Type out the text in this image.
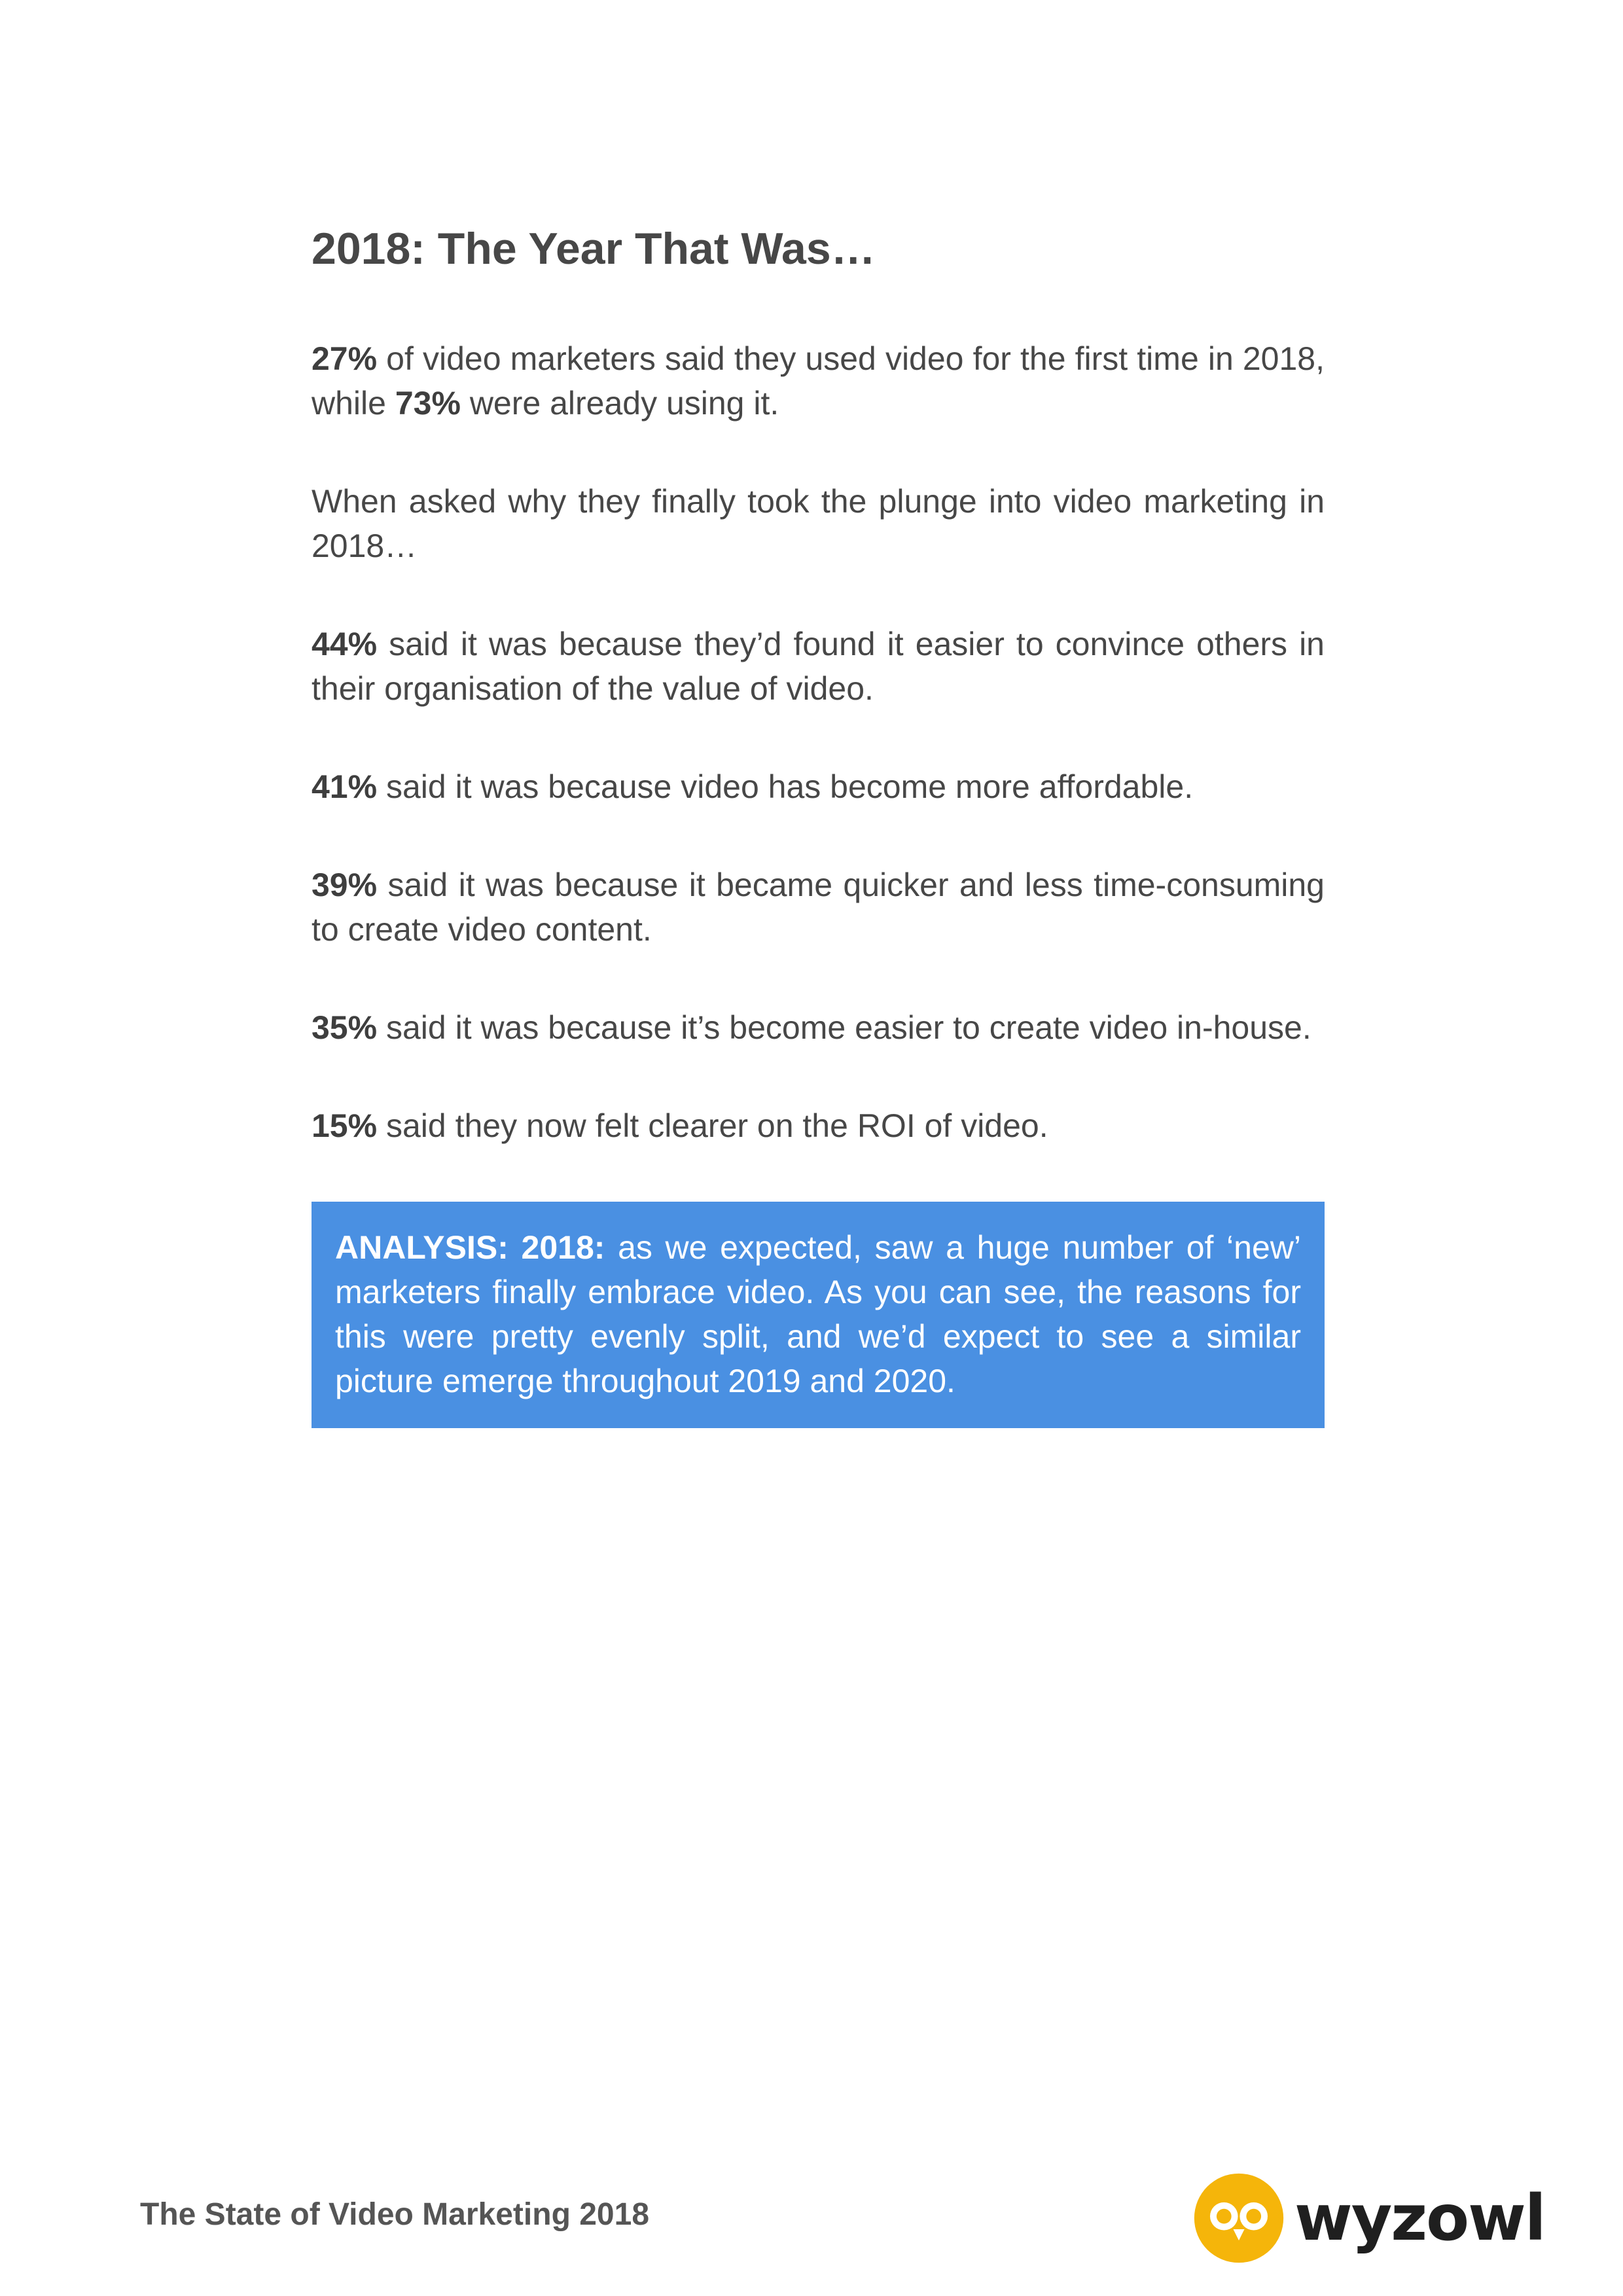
2018: The Year That Was…

27% of video marketers said they used video for the first time in 2018, while 73% were already using it.

When asked why they finally took the plunge into video marketing in 2018…

44% said it was because they’d found it easier to convince others in their organisation of the value of video.

41% said it was because video has become more affordable.

39% said it was because it became quicker and less time-consuming to create video content.

35% said it was because it’s become easier to create video in-house.

15% said they now felt clearer on the ROI of video.

ANALYSIS: 2018: as we expected, saw a huge number of ‘new’ marketers finally embrace video. As you can see, the reasons for this were pretty evenly split, and we’d expect to see a similar picture emerge throughout 2019 and 2020.
The State of Video Marketing 2018	wyzowl
